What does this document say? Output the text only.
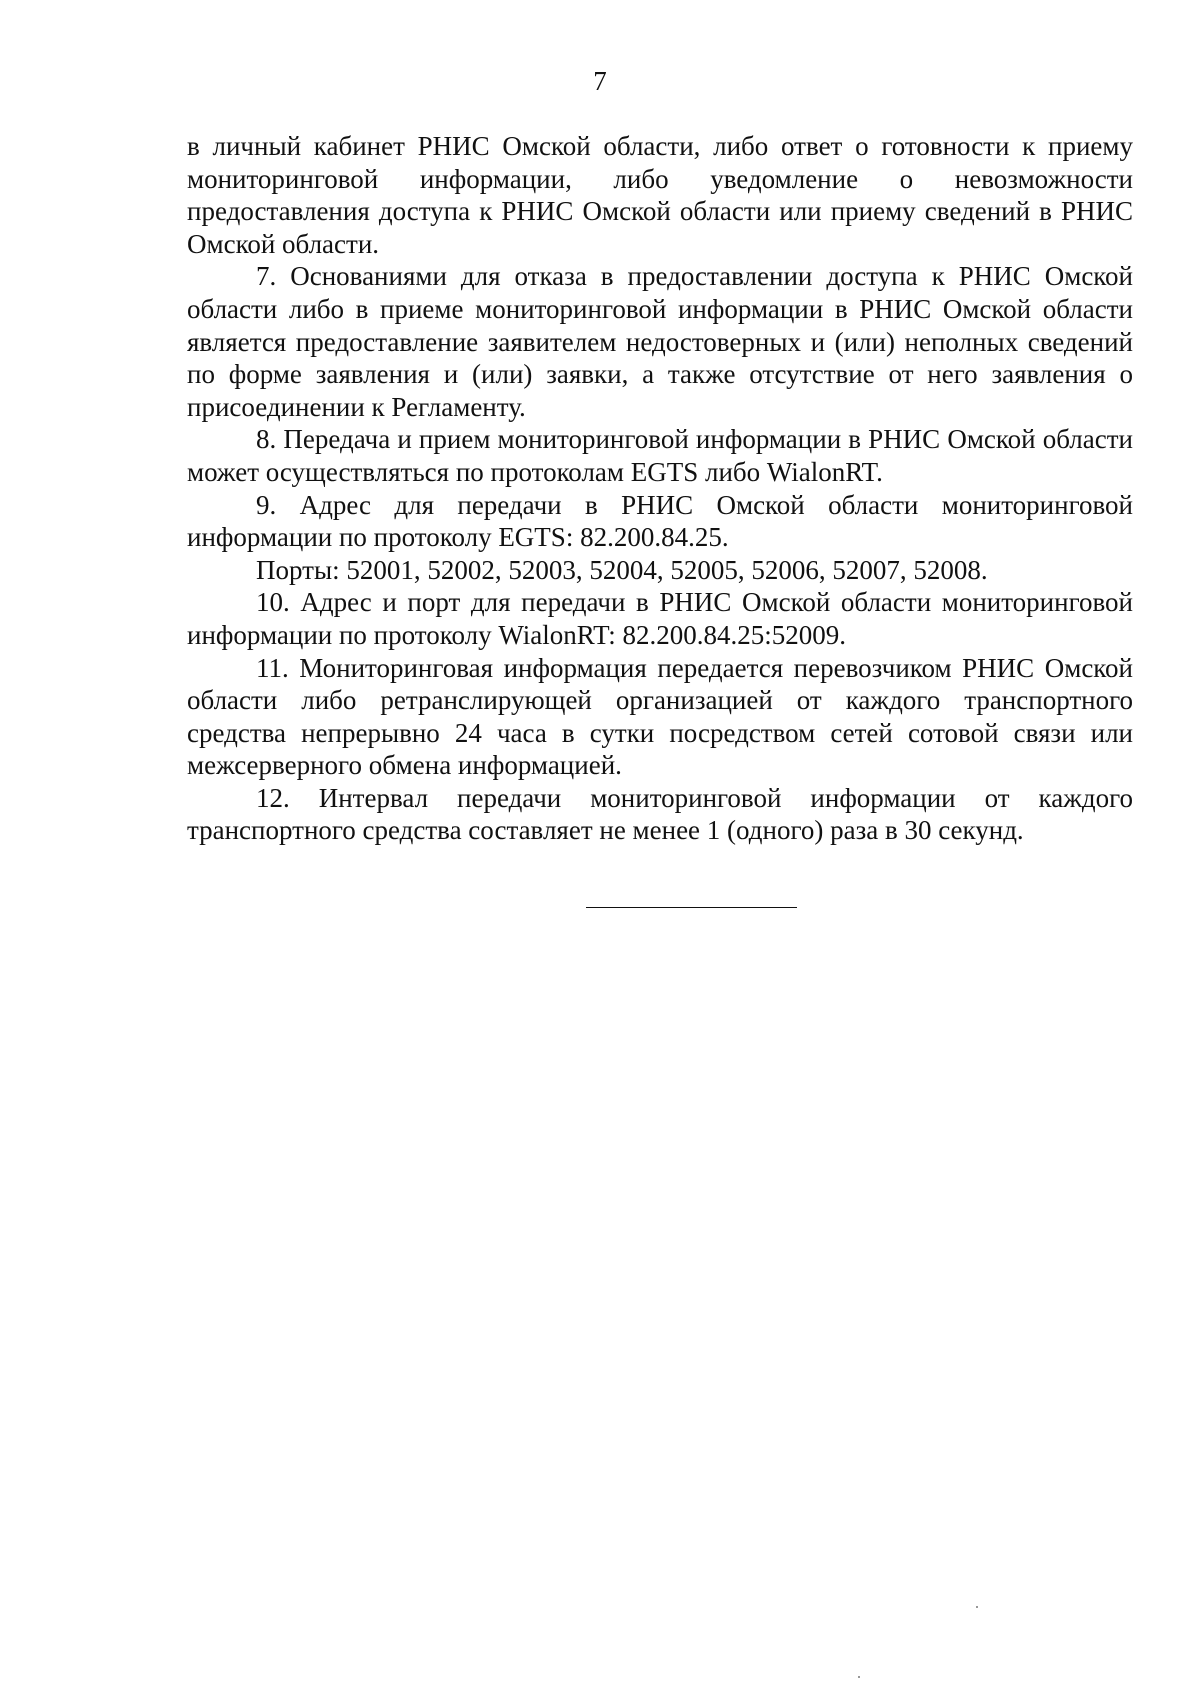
7

в личный кабинет РНИС Омской области, либо ответ о готовности к приему мониторинговой информации, либо уведомление о невозможности предоставления доступа к РНИС Омской области или приему сведений в РНИС Омской области.

7. Основаниями для отказа в предоставлении доступа к РНИС Омской области либо в приеме мониторинговой информации в РНИС Омской области является предоставление заявителем недостоверных и (или) неполных сведений по форме заявления и (или) заявки, а также отсутствие от него заявления о присоединении к Регламенту.

8. Передача и прием мониторинговой информации в РНИС Омской области может осуществляться по протоколам EGTS либо WialonRT.

9. Адрес для передачи в РНИС Омской области мониторинговой информации по протоколу EGTS: 82.200.84.25.

Порты: 52001, 52002, 52003, 52004, 52005, 52006, 52007, 52008.

10. Адрес и порт для передачи в РНИС Омской области мониторинговой информации по протоколу WialonRT: 82.200.84.25:52009.

11. Мониторинговая информация передается перевозчиком РНИС Омской области либо ретранслирующей организацией от каждого транспортного средства непрерывно 24 часа в сутки посредством сетей сотовой связи или межсерверного обмена информацией.

12. Интервал передачи мониторинговой информации от каждого транспортного средства составляет не менее 1 (одного) раза в 30 секунд.
